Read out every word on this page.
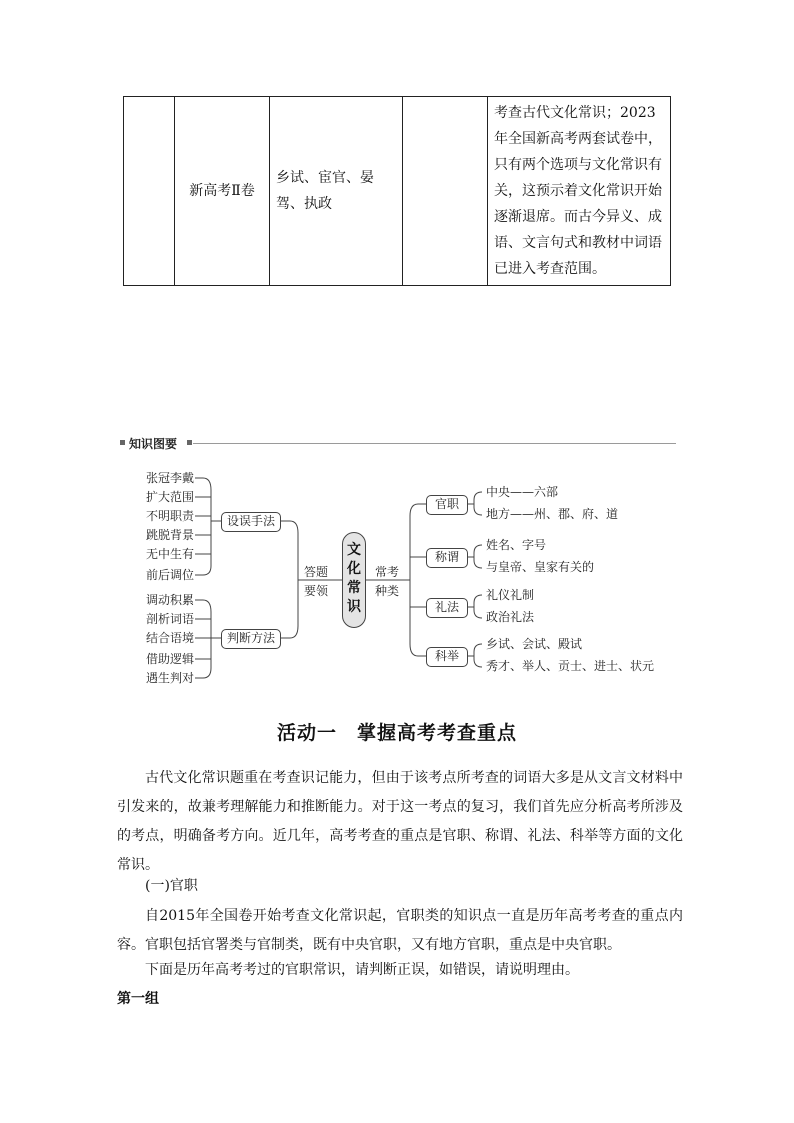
	新高考Ⅱ卷	乡试、宦官、晏驾、执政		考查古代文化常识；2023年全国新高考两套试卷中，只有两个选项与文化常识有关，这预示着文化常识开始逐渐退席。而古今异义、成语、文言句式和教材中词语已进入考查范围。
知识图要
张冠李戴
扩大范围
不明职责
跳脱背景
无中生有
前后调位
设误手法
调动积累
剖析词语
结合语境
借助逻辑
遇生判对
判断方法
答题
要领
常考
种类
文
化
常
识
官职
中央——六部
地方——州、郡、府、道
称谓
姓名、字号
与皇帝、皇家有关的
礼法
礼仪礼制
政治礼法
科举
乡试、会试、殿试
秀才、举人、贡士、进士、状元
活动一　掌握高考考查重点
古代文化常识题重在考查识记能力，但由于该考点所考查的词语大多是从文言文材料中引发来的，故兼考理解能力和推断能力。对于这一考点的复习，我们首先应分析高考所涉及的考点，明确备考方向。近几年，高考考查的重点是官职、称谓、礼法、科举等方面的文化常识。
(一)官职
自2015年全国卷开始考查文化常识起，官职类的知识点一直是历年高考考查的重点内容。官职包括官署类与官制类，既有中央官职，又有地方官职，重点是中央官职。
下面是历年高考考过的官职常识，请判断正误，如错误，请说明理由。
第一组
